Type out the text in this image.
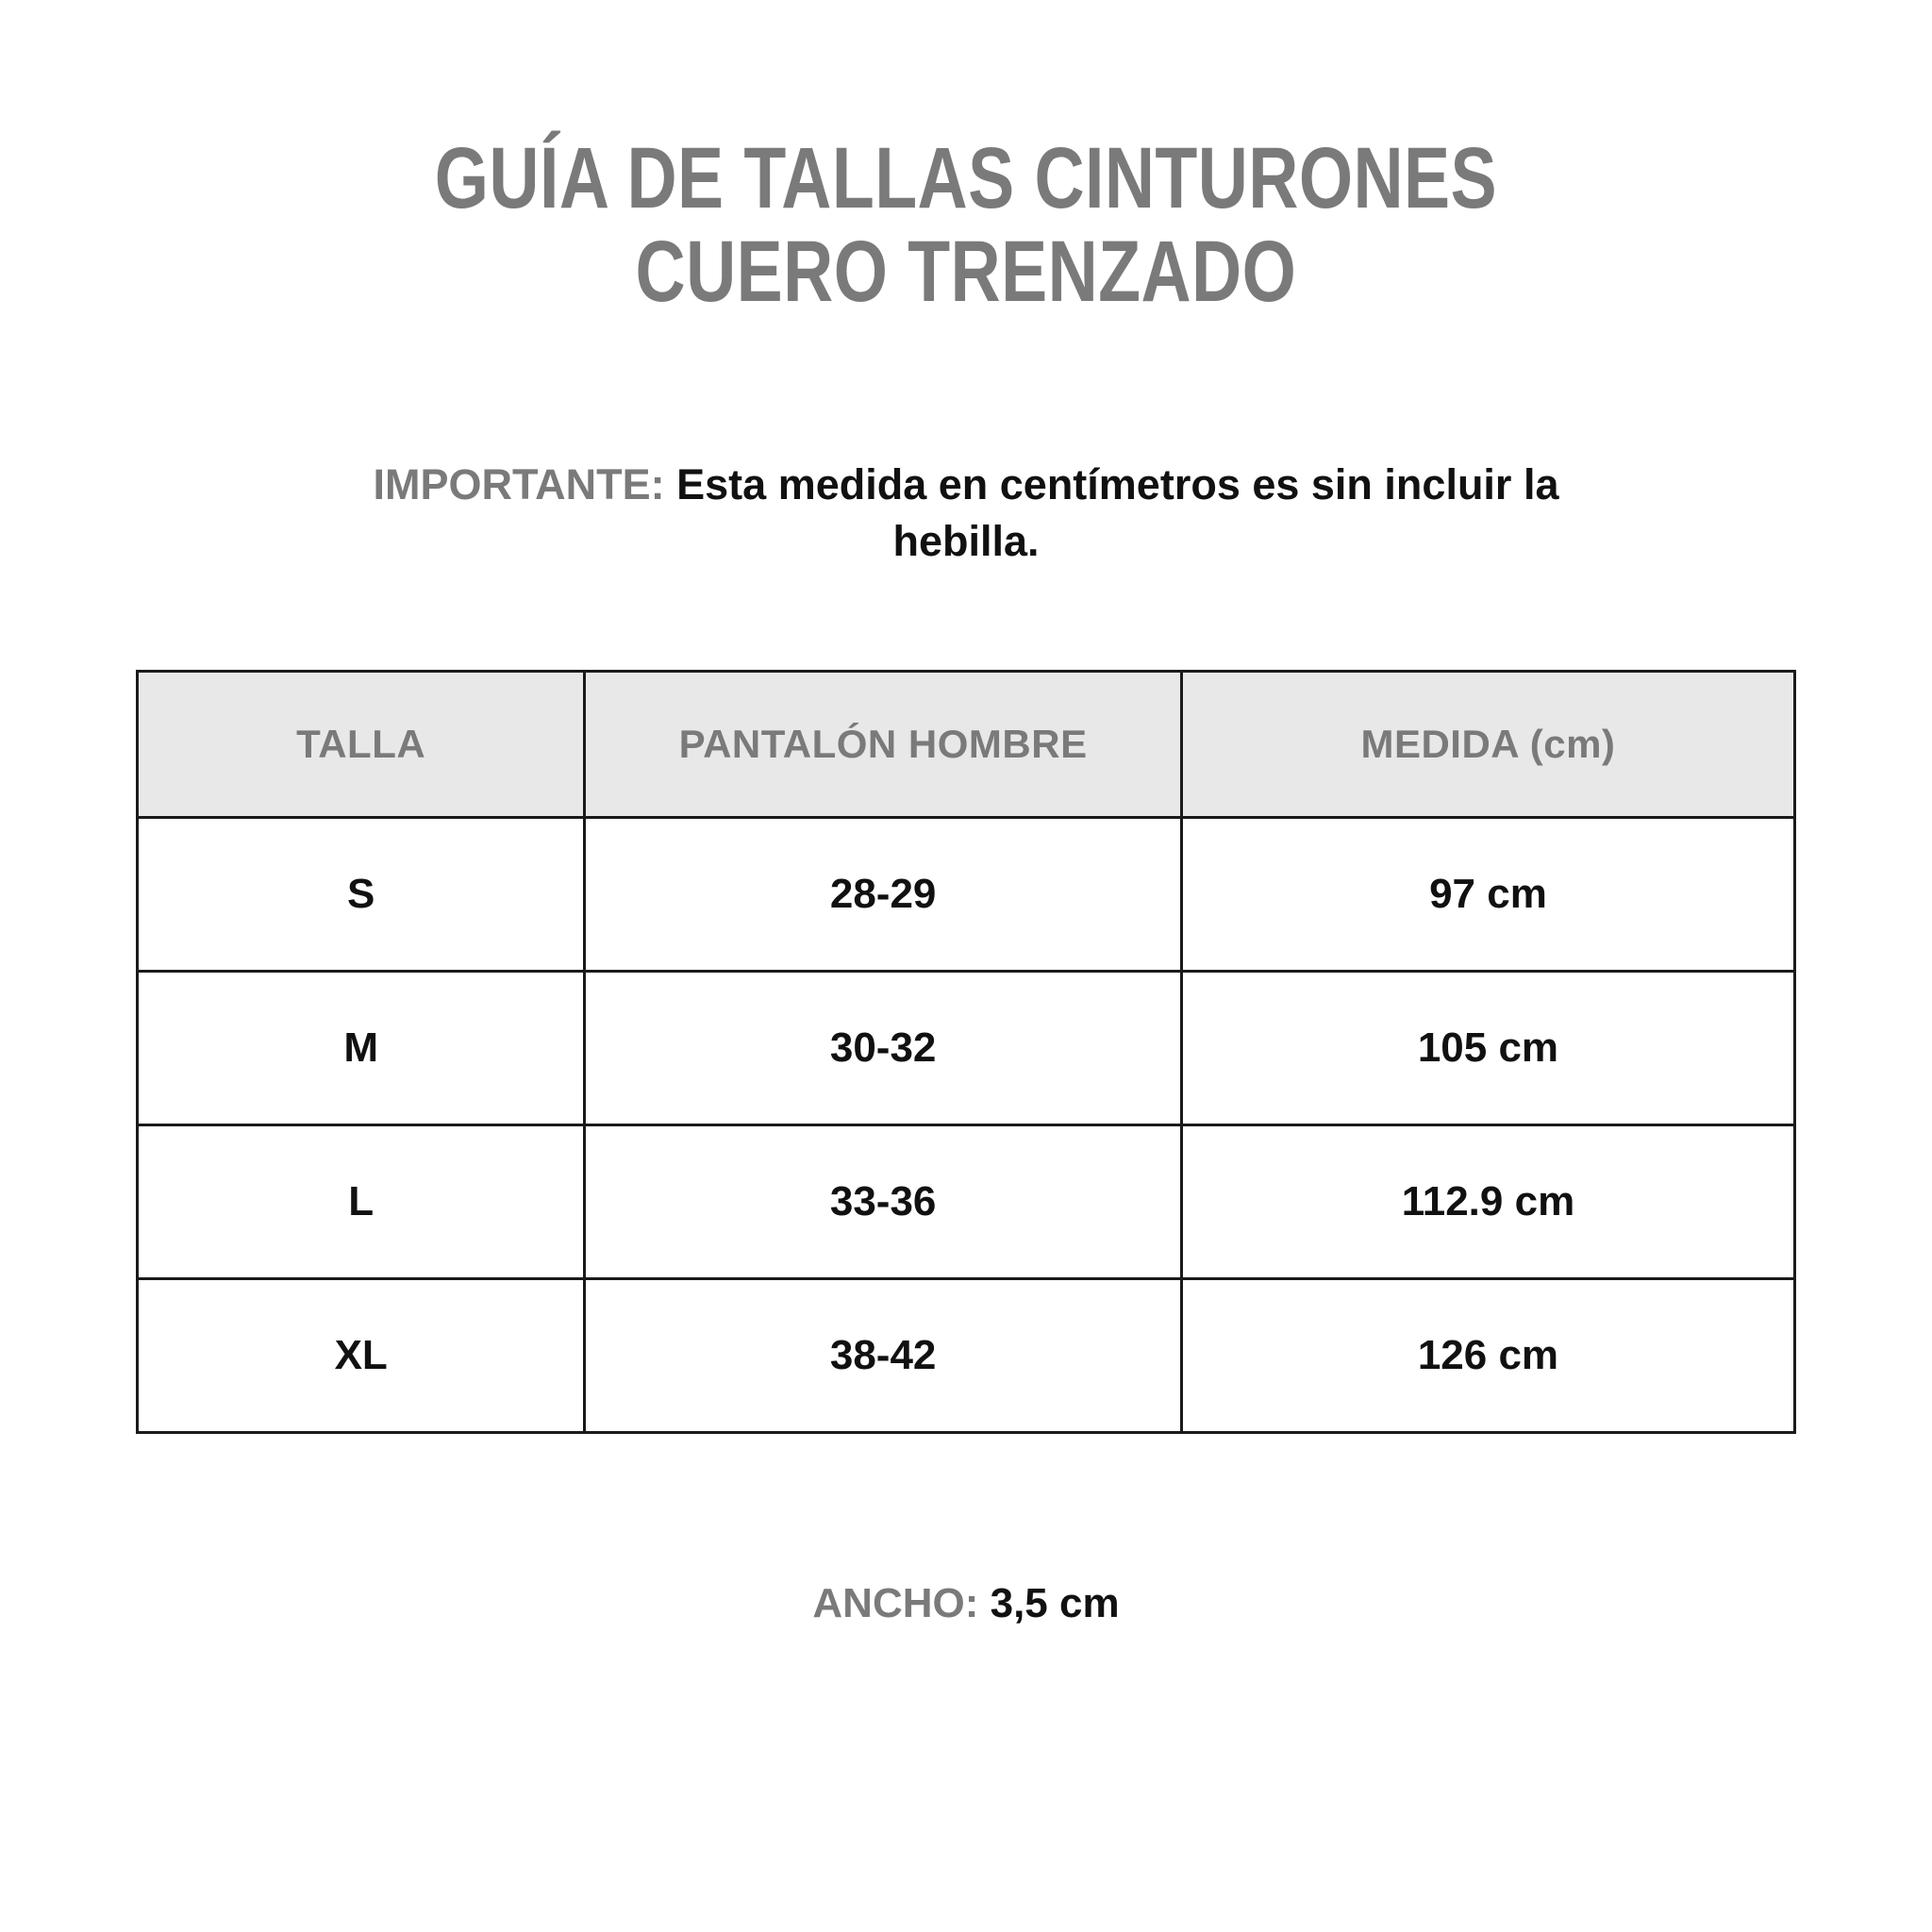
GUÍA DE TALLAS CINTURONES
CUERO TRENZADO
IMPORTANTE: Esta medida en centímetros es sin incluir la hebilla.
TALLA	PANTALÓN HOMBRE	MEDIDA (cm)
S	28-29	97 cm
M	30-32	105 cm
L	33-36	112.9 cm
XL	38-42	126 cm
ANCHO: 3,5 cm
